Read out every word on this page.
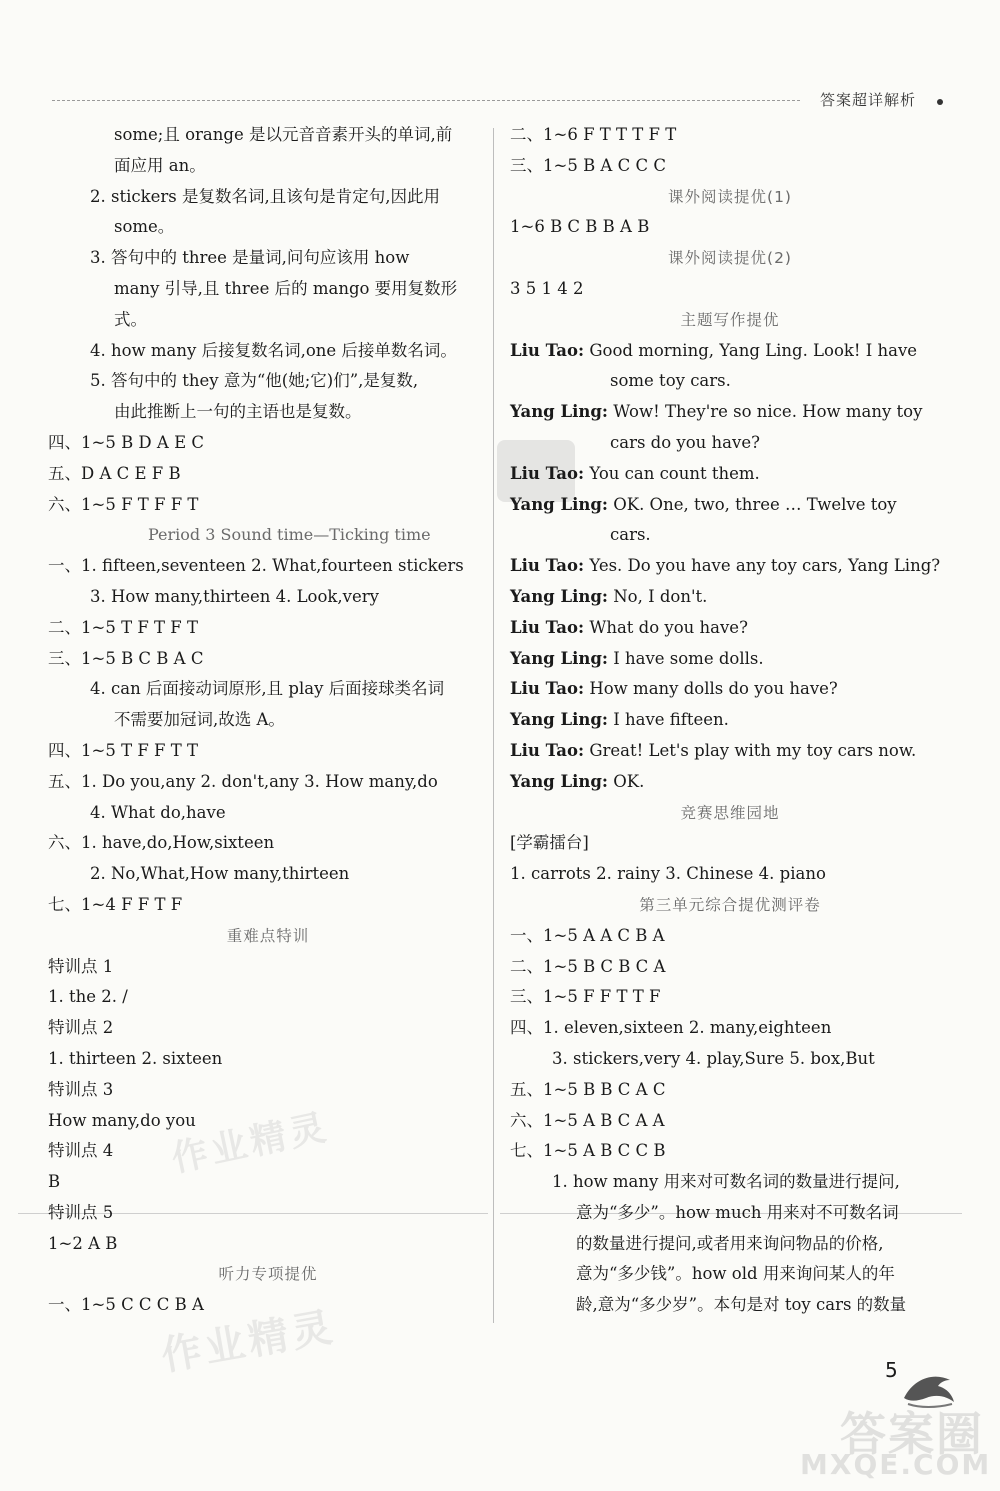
答案超详解析
some;且 orange 是以元音音素开头的单词,前
面应用 an。
2. stickers 是复数名词,且该句是肯定句,因此用
some。
3. 答句中的 three 是量词,问句应该用 how
many 引导,且 three 后的 mango 要用复数形
式。
4. how many 后接复数名词,one 后接单数名词。
5. 答句中的 they 意为“他(她;它)们”,是复数,
由此推断上一句的主语也是复数。
四、1~5 B D A E C
五、D A C E F B
六、1~5 F T F F T
Period 3 Sound time—Ticking time
一、1. fifteen,seventeen 2. What,fourteen stickers
3. How many,thirteen 4. Look,very
二、1~5 T F T F T
三、1~5 B C B A C
4. can 后面接动词原形,且 play 后面接球类名词
不需要加冠词,故选 A。
四、1~5 T F F T T
五、1. Do you,any 2. don't,any 3. How many,do
4. What do,have
六、1. have,do,How,sixteen
2. No,What,How many,thirteen
七、1~4 F F T F
重难点特训
特训点 1
1. the 2. /
特训点 2
1. thirteen 2. sixteen
特训点 3
How many,do you
特训点 4
B
特训点 5
1~2 A B
听力专项提优
一、1~5 C C C B A
二、1~6 F T T T F T
三、1~5 B A C C C
课外阅读提优(1)
1~6 B C B B A B
课外阅读提优(2)
3 5 1 4 2
主题写作提优
Liu Tao: Good morning, Yang Ling. Look! I have
some toy cars.
Yang Ling: Wow! They're so nice. How many toy
cars do you have?
Liu Tao: You can count them.
Yang Ling: OK. One, two, three … Twelve toy
cars.
Liu Tao: Yes. Do you have any toy cars, Yang Ling?
Yang Ling: No, I don't.
Liu Tao: What do you have?
Yang Ling: I have some dolls.
Liu Tao: How many dolls do you have?
Yang Ling: I have fifteen.
Liu Tao: Great! Let's play with my toy cars now.
Yang Ling: OK.
竞赛思维园地
[学霸擂台]
1. carrots 2. rainy 3. Chinese 4. piano
第三单元综合提优测评卷
一、1~5 A A C B A
二、1~5 B C B C A
三、1~5 F F T T F
四、1. eleven,sixteen 2. many,eighteen
3. stickers,very 4. play,Sure 5. box,But
五、1~5 B B C A C
六、1~5 A B C A A
七、1~5 A B C C B
1. how many 用来对可数名词的数量进行提问,
意为“多少”。how much 用来对不可数名词
的数量进行提问,或者用来询问物品的价格,
意为“多少钱”。how old 用来询问某人的年
龄,意为“多少岁”。本句是对 toy cars 的数量
作业精灵
作业精灵
答案圈
MXQE.COM
5
